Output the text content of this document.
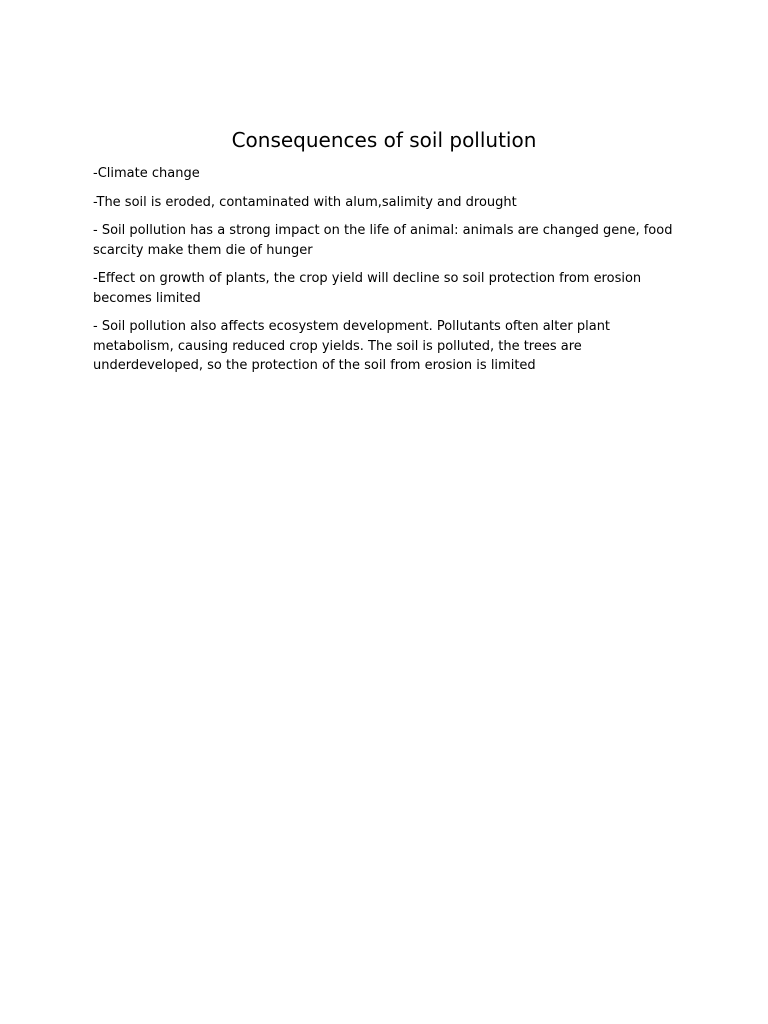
Consequences of soil pollution

-Climate change

-The soil is eroded, contaminated with alum,salimity and drought

- Soil pollution has a strong impact on the life of animal: animals are changed gene, food scarcity make them die of hunger

-Effect on growth of plants, the crop yield will decline so soil protection from erosion becomes limited

- Soil pollution also affects ecosystem development. Pollutants often alter plant metabolism, causing reduced crop yields. The soil is polluted, the trees are underdeveloped, so the protection of the soil from erosion is limited
